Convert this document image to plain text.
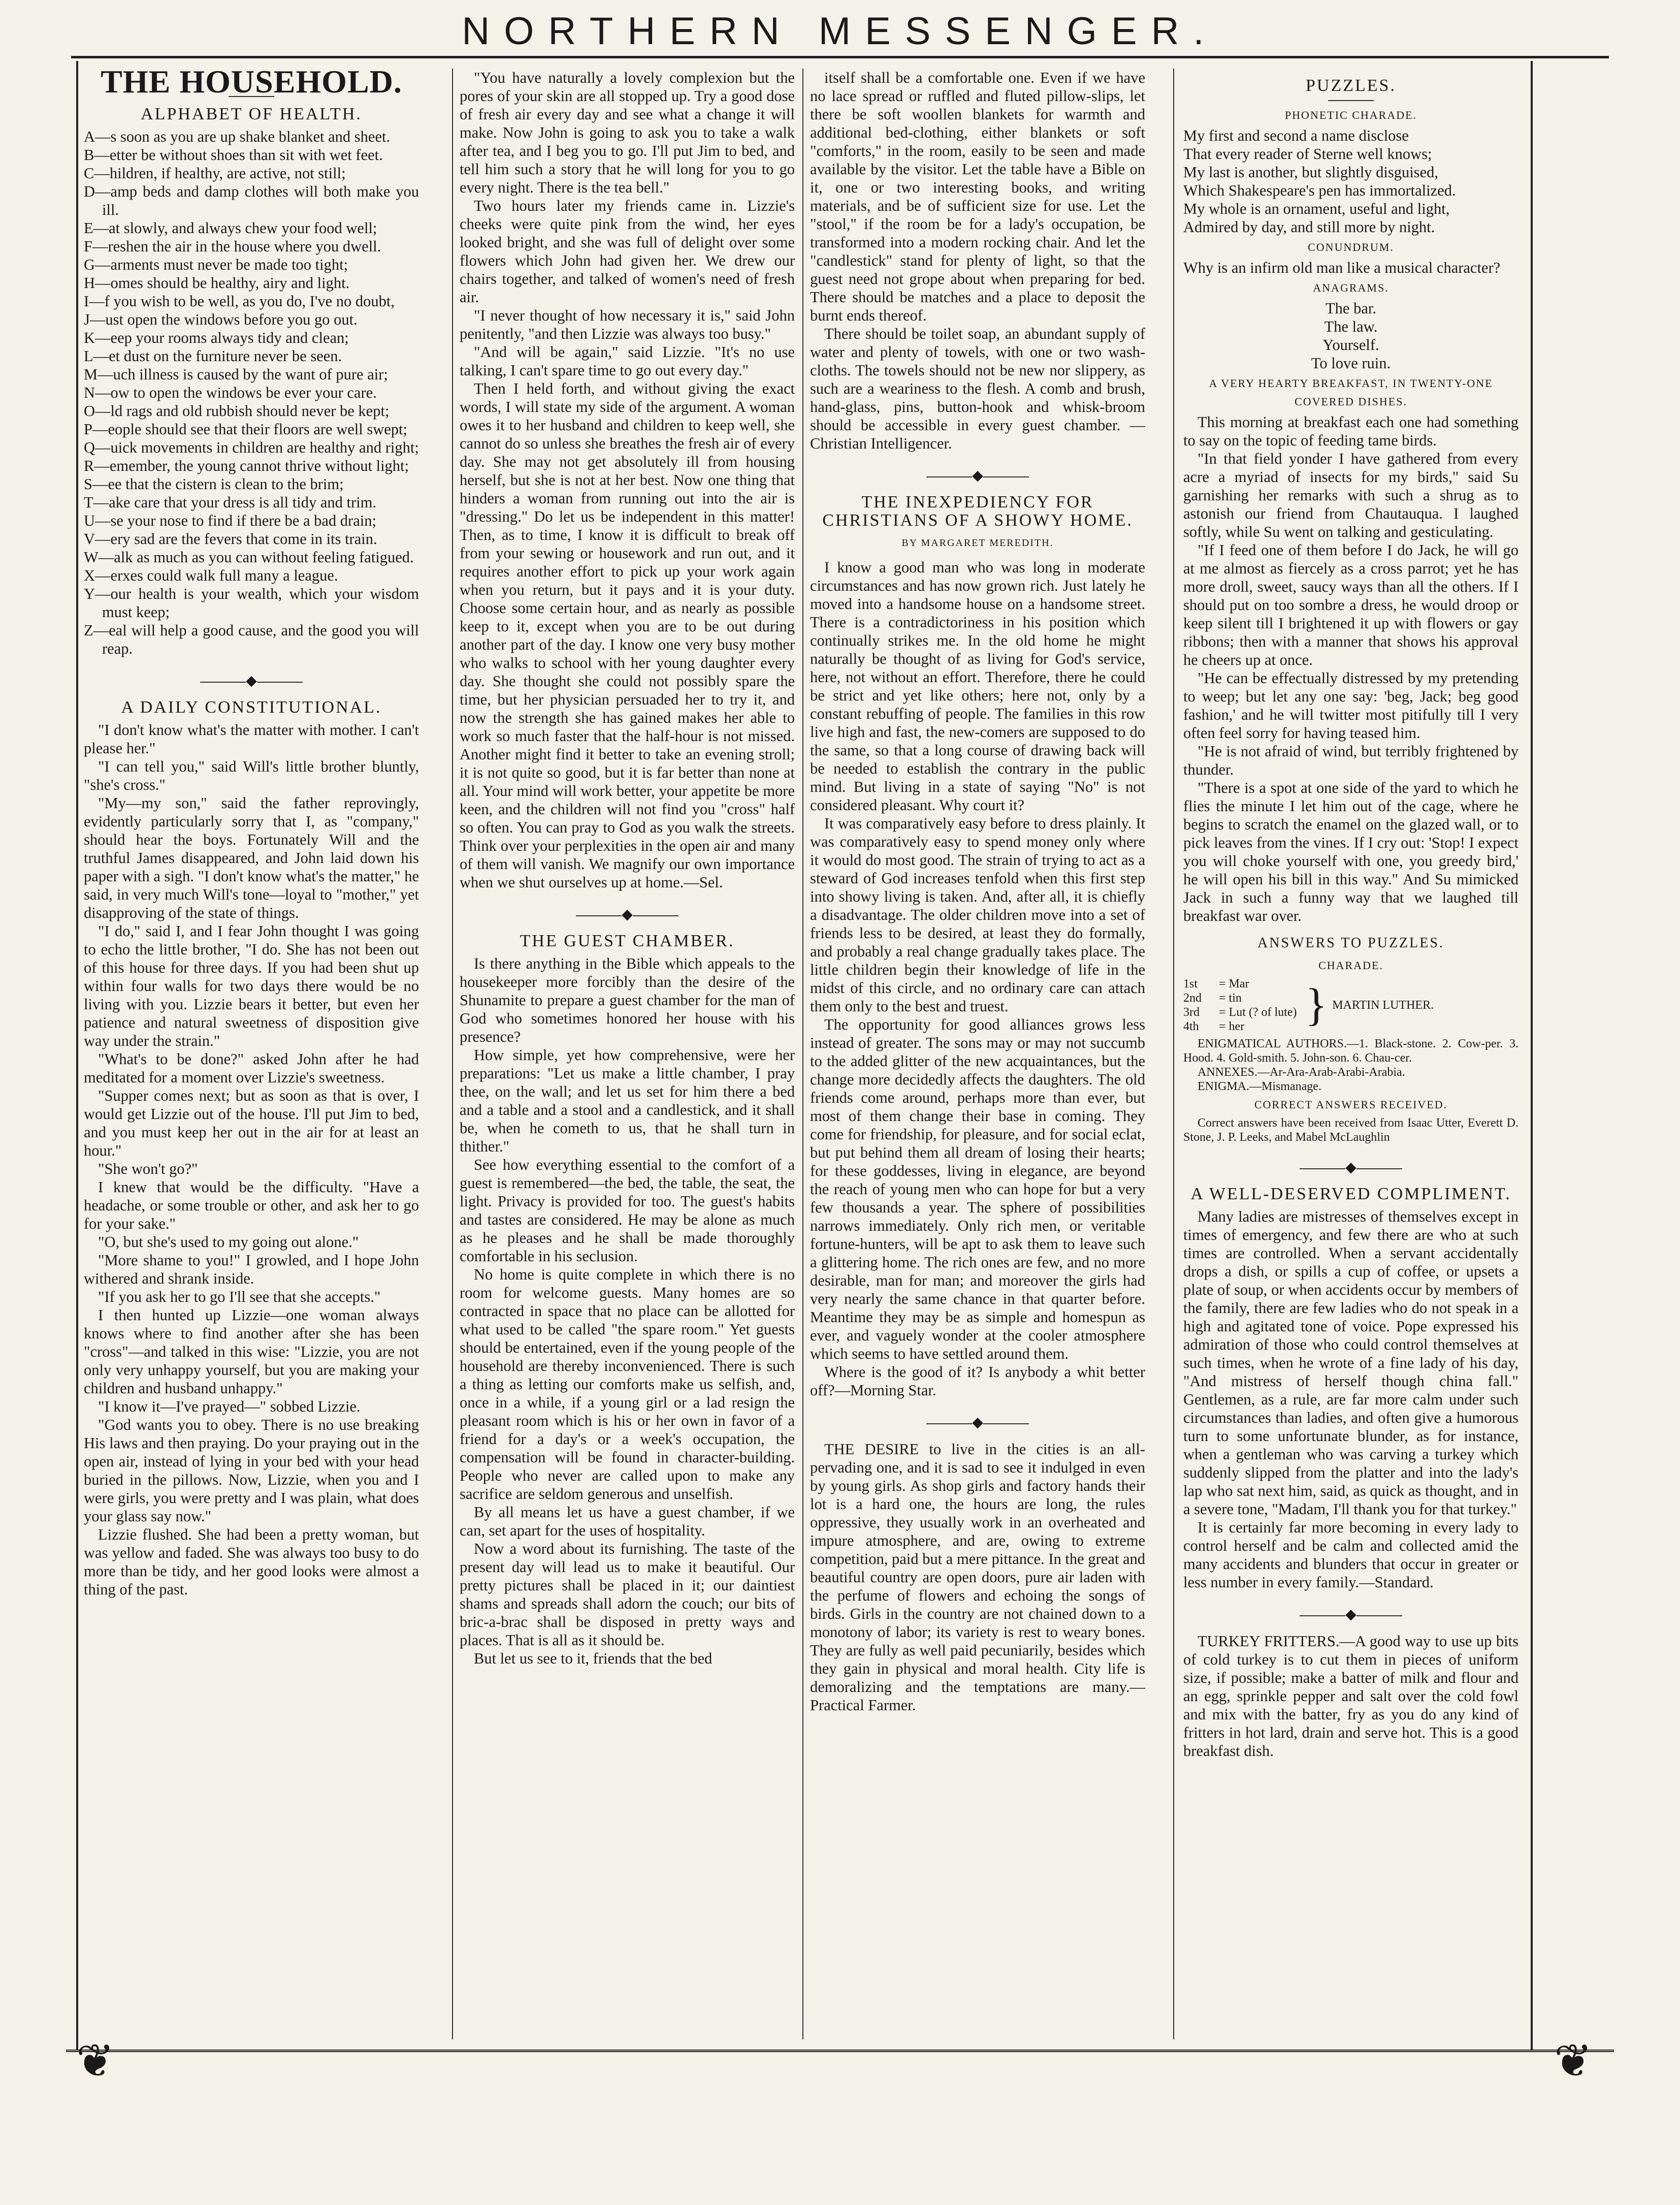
NORTHERN MESSENGER.
THE HOUSEHOLD.
ALPHABET OF HEALTH.
A—s soon as you are up shake blanket and sheet.
B—etter be without shoes than sit with wet feet.
C—hildren, if healthy, are active, not still;
D—amp beds and damp clothes will both make you ill.
E—at slowly, and always chew your food well;
F—reshen the air in the house where you dwell.
G—arments must never be made too tight;
H—omes should be healthy, airy and light.
I—f you wish to be well, as you do, I've no doubt,
J—ust open the windows before you go out.
K—eep your rooms always tidy and clean;
L—et dust on the furniture never be seen.
M—uch illness is caused by the want of pure air;
N—ow to open the windows be ever your care.
O—ld rags and old rubbish should never be kept;
P—eople should see that their floors are well swept;
Q—uick movements in children are healthy and right;
R—emember, the young cannot thrive without light;
S—ee that the cistern is clean to the brim;
T—ake care that your dress is all tidy and trim.
U—se your nose to find if there be a bad drain;
V—ery sad are the fevers that come in its train.
W—alk as much as you can without feeling fatigued.
X—erxes could walk full many a league.
Y—our health is your wealth, which your wisdom must keep;
Z—eal will help a good cause, and the good you will reap.
◆
A DAILY CONSTITUTIONAL.

"I don't know what's the matter with mother. I can't please her."

"I can tell you," said Will's little brother bluntly, "she's cross."

"My—my son," said the father reprovingly, evidently particularly sorry that I, as "company," should hear the boys. Fortunately Will and the truthful James disappeared, and John laid down his paper with a sigh. "I don't know what's the matter," he said, in very much Will's tone—loyal to "mother," yet disapproving of the state of things.

"I do," said I, and I fear John thought I was going to echo the little brother, "I do. She has not been out of this house for three days. If you had been shut up within four walls for two days there would be no living with you. Lizzie bears it better, but even her patience and natural sweetness of disposition give way under the strain."

"What's to be done?" asked John after he had meditated for a moment over Lizzie's sweetness.

"Supper comes next; but as soon as that is over, I would get Lizzie out of the house. I'll put Jim to bed, and you must keep her out in the air for at least an hour."

"She won't go?"

I knew that would be the difficulty. "Have a headache, or some trouble or other, and ask her to go for your sake."

"O, but she's used to my going out alone."

"More shame to you!" I growled, and I hope John withered and shrank inside.

"If you ask her to go I'll see that she accepts."

I then hunted up Lizzie—one woman always knows where to find another after she has been "cross"—and talked in this wise: "Lizzie, you are not only very unhappy yourself, but you are making your children and husband unhappy."

"I know it—I've prayed—" sobbed Lizzie.

"God wants you to obey. There is no use breaking His laws and then praying. Do your praying out in the open air, instead of lying in your bed with your head buried in the pillows. Now, Lizzie, when you and I were girls, you were pretty and I was plain, what does your glass say now."

Lizzie flushed. She had been a pretty woman, but was yellow and faded. She was always too busy to do more than be tidy, and her good looks were almost a thing of the past.

"You have naturally a lovely complexion but the pores of your skin are all stopped up. Try a good dose of fresh air every day and see what a change it will make. Now John is going to ask you to take a walk after tea, and I beg you to go. I'll put Jim to bed, and tell him such a story that he will long for you to go every night. There is the tea bell."

Two hours later my friends came in. Lizzie's cheeks were quite pink from the wind, her eyes looked bright, and she was full of delight over some flowers which John had given her. We drew our chairs together, and talked of women's need of fresh air.

"I never thought of how necessary it is," said John penitently, "and then Lizzie was always too busy."

"And will be again," said Lizzie. "It's no use talking, I can't spare time to go out every day."

Then I held forth, and without giving the exact words, I will state my side of the argument. A woman owes it to her husband and children to keep well, she cannot do so unless she breathes the fresh air of every day. She may not get absolutely ill from housing herself, but she is not at her best. Now one thing that hinders a woman from running out into the air is "dressing." Do let us be independent in this matter! Then, as to time, I know it is difficult to break off from your sewing or housework and run out, and it requires another effort to pick up your work again when you return, but it pays and it is your duty. Choose some certain hour, and as nearly as possible keep to it, except when you are to be out during another part of the day. I know one very busy mother who walks to school with her young daughter every day. She thought she could not possibly spare the time, but her physician persuaded her to try it, and now the strength she has gained makes her able to work so much faster that the half-hour is not missed. Another might find it better to take an evening stroll; it is not quite so good, but it is far better than none at all. Your mind will work better, your appetite be more keen, and the children will not find you "cross" half so often. You can pray to God as you walk the streets. Think over your perplexities in the open air and many of them will vanish. We magnify our own importance when we shut ourselves up at home.—Sel.

◆
THE GUEST CHAMBER.

Is there anything in the Bible which appeals to the housekeeper more forcibly than the desire of the Shunamite to prepare a guest chamber for the man of God who sometimes honored her house with his presence?

How simple, yet how comprehensive, were her preparations: "Let us make a little chamber, I pray thee, on the wall; and let us set for him there a bed and a table and a stool and a candlestick, and it shall be, when he cometh to us, that he shall turn in thither."

See how everything essential to the comfort of a guest is remembered—the bed, the table, the seat, the light. Privacy is provided for too. The guest's habits and tastes are considered. He may be alone as much as he pleases and he shall be made thoroughly comfortable in his seclusion.

No home is quite complete in which there is no room for welcome guests. Many homes are so contracted in space that no place can be allotted for what used to be called "the spare room." Yet guests should be entertained, even if the young people of the household are thereby inconvenienced. There is such a thing as letting our comforts make us selfish, and, once in a while, if a young girl or a lad resign the pleasant room which is his or her own in favor of a friend for a day's or a week's occupation, the compensation will be found in character-building. People who never are called upon to make any sacrifice are seldom generous and unselfish.

By all means let us have a guest chamber, if we can, set apart for the uses of hospitality.

Now a word about its furnishing. The taste of the present day will lead us to make it beautiful. Our pretty pictures shall be placed in it; our daintiest shams and spreads shall adorn the couch; our bits of bric-a-brac shall be disposed in pretty ways and places. That is all as it should be.

But let us see to it, friends that the bed

itself shall be a comfortable one. Even if we have no lace spread or ruffled and fluted pillow-slips, let there be soft woollen blankets for warmth and additional bed-clothing, either blankets or soft "comforts," in the room, easily to be seen and made available by the visitor. Let the table have a Bible on it, one or two interesting books, and writing materials, and be of sufficient size for use. Let the "stool," if the room be for a lady's occupation, be transformed into a modern rocking chair. And let the "candlestick" stand for plenty of light, so that the guest need not grope about when preparing for bed. There should be matches and a place to deposit the burnt ends thereof.

There should be toilet soap, an abundant supply of water and plenty of towels, with one or two wash-cloths. The towels should not be new nor slippery, as such are a weariness to the flesh. A comb and brush, hand-glass, pins, button-hook and whisk-broom should be accessible in every guest chamber. —Christian Intelligencer.

◆
THE INEXPEDIENCY FOR CHRISTIANS OF A SHOWY HOME.
BY MARGARET MEREDITH.

I know a good man who was long in moderate circumstances and has now grown rich. Just lately he moved into a handsome house on a handsome street. There is a contradictoriness in his position which continually strikes me. In the old home he might naturally be thought of as living for God's service, here, not without an effort. Therefore, there he could be strict and yet like others; here not, only by a constant rebuffing of people. The families in this row live high and fast, the new-comers are supposed to do the same, so that a long course of drawing back will be needed to establish the contrary in the public mind. But living in a state of saying "No" is not considered pleasant. Why court it?

It was comparatively easy before to dress plainly. It was comparatively easy to spend money only where it would do most good. The strain of trying to act as a steward of God increases tenfold when this first step into showy living is taken. And, after all, it is chiefly a disadvantage. The older children move into a set of friends less to be desired, at least they do formally, and probably a real change gradually takes place. The little children begin their knowledge of life in the midst of this circle, and no ordinary care can attach them only to the best and truest.

The opportunity for good alliances grows less instead of greater. The sons may or may not succumb to the added glitter of the new acquaintances, but the change more decidedly affects the daughters. The old friends come around, perhaps more than ever, but most of them change their base in coming. They come for friendship, for pleasure, and for social eclat, but put behind them all dream of losing their hearts; for these goddesses, living in elegance, are beyond the reach of young men who can hope for but a very few thousands a year. The sphere of possibilities narrows immediately. Only rich men, or veritable fortune-hunters, will be apt to ask them to leave such a glittering home. The rich ones are few, and no more desirable, man for man; and moreover the girls had very nearly the same chance in that quarter before. Meantime they may be as simple and homespun as ever, and vaguely wonder at the cooler atmosphere which seems to have settled around them.

Where is the good of it? Is anybody a whit better off?—Morning Star.

◆

THE DESIRE to live in the cities is an all-pervading one, and it is sad to see it indulged in even by young girls. As shop girls and factory hands their lot is a hard one, the hours are long, the rules oppressive, they usually work in an overheated and impure atmosphere, and are, owing to extreme competition, paid but a mere pittance. In the great and beautiful country are open doors, pure air laden with the perfume of flowers and echoing the songs of birds. Girls in the country are not chained down to a monotony of labor; its variety is rest to weary bones. They are fully as well paid pecuniarily, besides which they gain in physical and moral health. City life is demoralizing and the temptations are many.—Practical Farmer.

PUZZLES.
PHONETIC CHARADE.
My first and second a name disclose
That every reader of Sterne well knows;
My last is another, but slightly disguised,
Which Shakespeare's pen has immortalized.
My whole is an ornament, useful and light,
Admired by day, and still more by night.
CONUNDRUM.

Why is an infirm old man like a musical character?

ANAGRAMS.
The bar.
The law.
Yourself.
To love ruin.
A VERY HEARTY BREAKFAST, IN TWENTY-ONE COVERED DISHES.

This morning at breakfast each one had something to say on the topic of feeding tame birds.

"In that field yonder I have gathered from every acre a myriad of insects for my birds," said Su garnishing her remarks with such a shrug as to astonish our friend from Chautauqua. I laughed softly, while Su went on talking and gesticulating.

"If I feed one of them before I do Jack, he will go at me almost as fiercely as a cross parrot; yet he has more droll, sweet, saucy ways than all the others. If I should put on too sombre a dress, he would droop or keep silent till I brightened it up with flowers or gay ribbons; then with a manner that shows his approval he cheers up at once.

"He can be effectually distressed by my pretending to weep; but let any one say: 'beg, Jack; beg good fashion,' and he will twitter most pitifully till I very often feel sorry for having teased him.

"He is not afraid of wind, but terribly frightened by thunder.

"There is a spot at one side of the yard to which he flies the minute I let him out of the cage, where he begins to scratch the enamel on the glazed wall, or to pick leaves from the vines. If I cry out: 'Stop! I expect you will choke yourself with one, you greedy bird,' he will open his bill in this way." And Su mimicked Jack in such a funny way that we laughed till breakfast war over.

ANSWERS TO PUZZLES.
CHARADE.
1st	= Mar
2nd	= tin
3rd	= Lut (? of lute)
4th	= her	} MARTIN LUTHER.

ENIGMATICAL AUTHORS.—1. Black-stone. 2. Cow-per. 3. Hood. 4. Gold-smith. 5. John-son. 6. Chau-cer.

ANNEXES.—Ar-Ara-Arab-Arabi-Arabia.

ENIGMA.—Mismanage.

CORRECT ANSWERS RECEIVED.

Correct answers have been received from Isaac Utter, Everett D. Stone, J. P. Leeks, and Mabel McLaughlin

◆
A WELL-DESERVED COMPLIMENT.

Many ladies are mistresses of themselves except in times of emergency, and few there are who at such times are controlled. When a servant accidentally drops a dish, or spills a cup of coffee, or upsets a plate of soup, or when accidents occur by members of the family, there are few ladies who do not speak in a high and agitated tone of voice. Pope expressed his admiration of those who could control themselves at such times, when he wrote of a fine lady of his day, "And mistress of herself though china fall." Gentlemen, as a rule, are far more calm under such circumstances than ladies, and often give a humorous turn to some unfortunate blunder, as for instance, when a gentleman who was carving a turkey which suddenly slipped from the platter and into the lady's lap who sat next him, said, as quick as thought, and in a severe tone, "Madam, I'll thank you for that turkey."

It is certainly far more becoming in every lady to control herself and be calm and collected amid the many accidents and blunders that occur in greater or less number in every family.—Standard.

◆

TURKEY FRITTERS.—A good way to use up bits of cold turkey is to cut them in pieces of uniform size, if possible; make a batter of milk and flour and an egg, sprinkle pepper and salt over the cold fowl and mix with the batter, fry as you do any kind of fritters in hot lard, drain and serve hot. This is a good breakfast dish.

❦	❦
